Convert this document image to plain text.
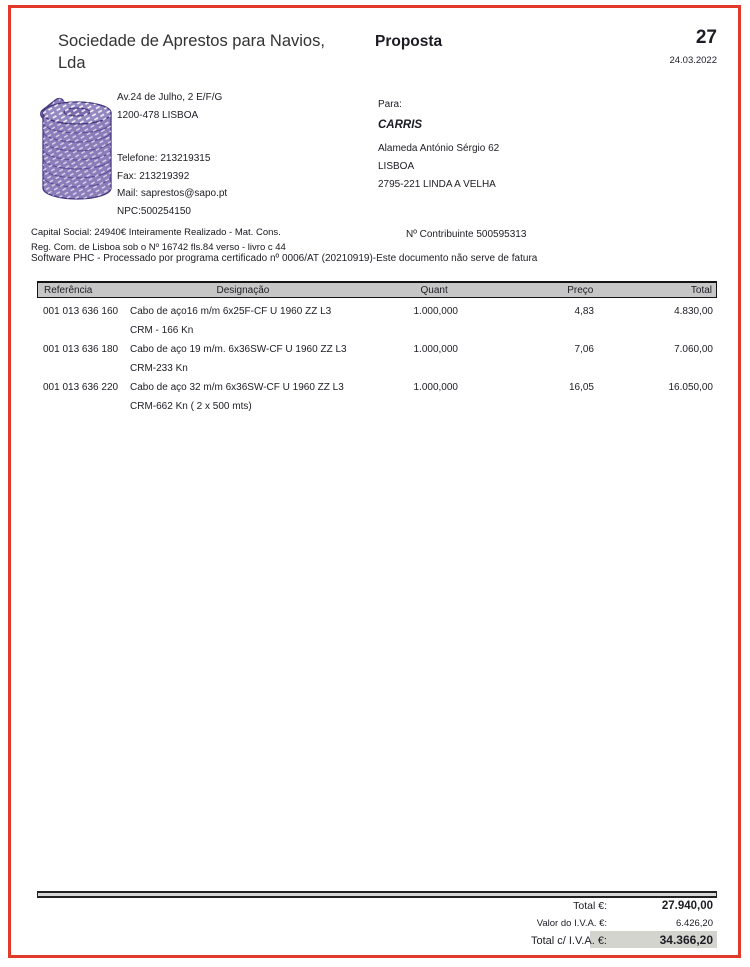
Sociedade de Aprestos para Navios, Lda
Proposta	27
24.03.2022
Av.24 de Julho, 2 E/F/G
1200-478 LISBOA
Telefone: 213219315
Fax: 213219392
Mail: saprestos@sapo.pt
NPC:500254150
Para:
CARRIS
Alameda António Sérgio 62
LISBOA
2795-221 LINDA A VELHA
Capital Social: 24940€ Inteiramente Realizado - Mat. Cons.
Reg. Com. de Lisboa sob o Nº 16742 fls.84 verso - livro c 44
Nº Contribuinte 500595313
Software PHC - Processado por programa certificado nº 0006/AT (20210919)-Este documento não serve de fatura
Referência	Designação	Quant	Preço	Total
001 013 636 160	Cabo de aço16 m/m 6x25F-CF U 1960 ZZ L3	1.000,000	4,83	4.830,00
CRM - 166 Kn
001 013 636 180	Cabo de aço 19 m/m. 6x36SW-CF U 1960 ZZ L3	1.000,000	7,06	7.060,00
CRM-233 Kn
001 013 636 220	Cabo de aço 32 m/m 6x36SW-CF U 1960 ZZ L3	1.000,000	16,05	16.050,00
CRM-662 Kn ( 2 x 500 mts)
Total €:	27.940,00
Valor do I.V.A. €:	6.426,20
Total c/ I.V.A. €:	34.366,20
